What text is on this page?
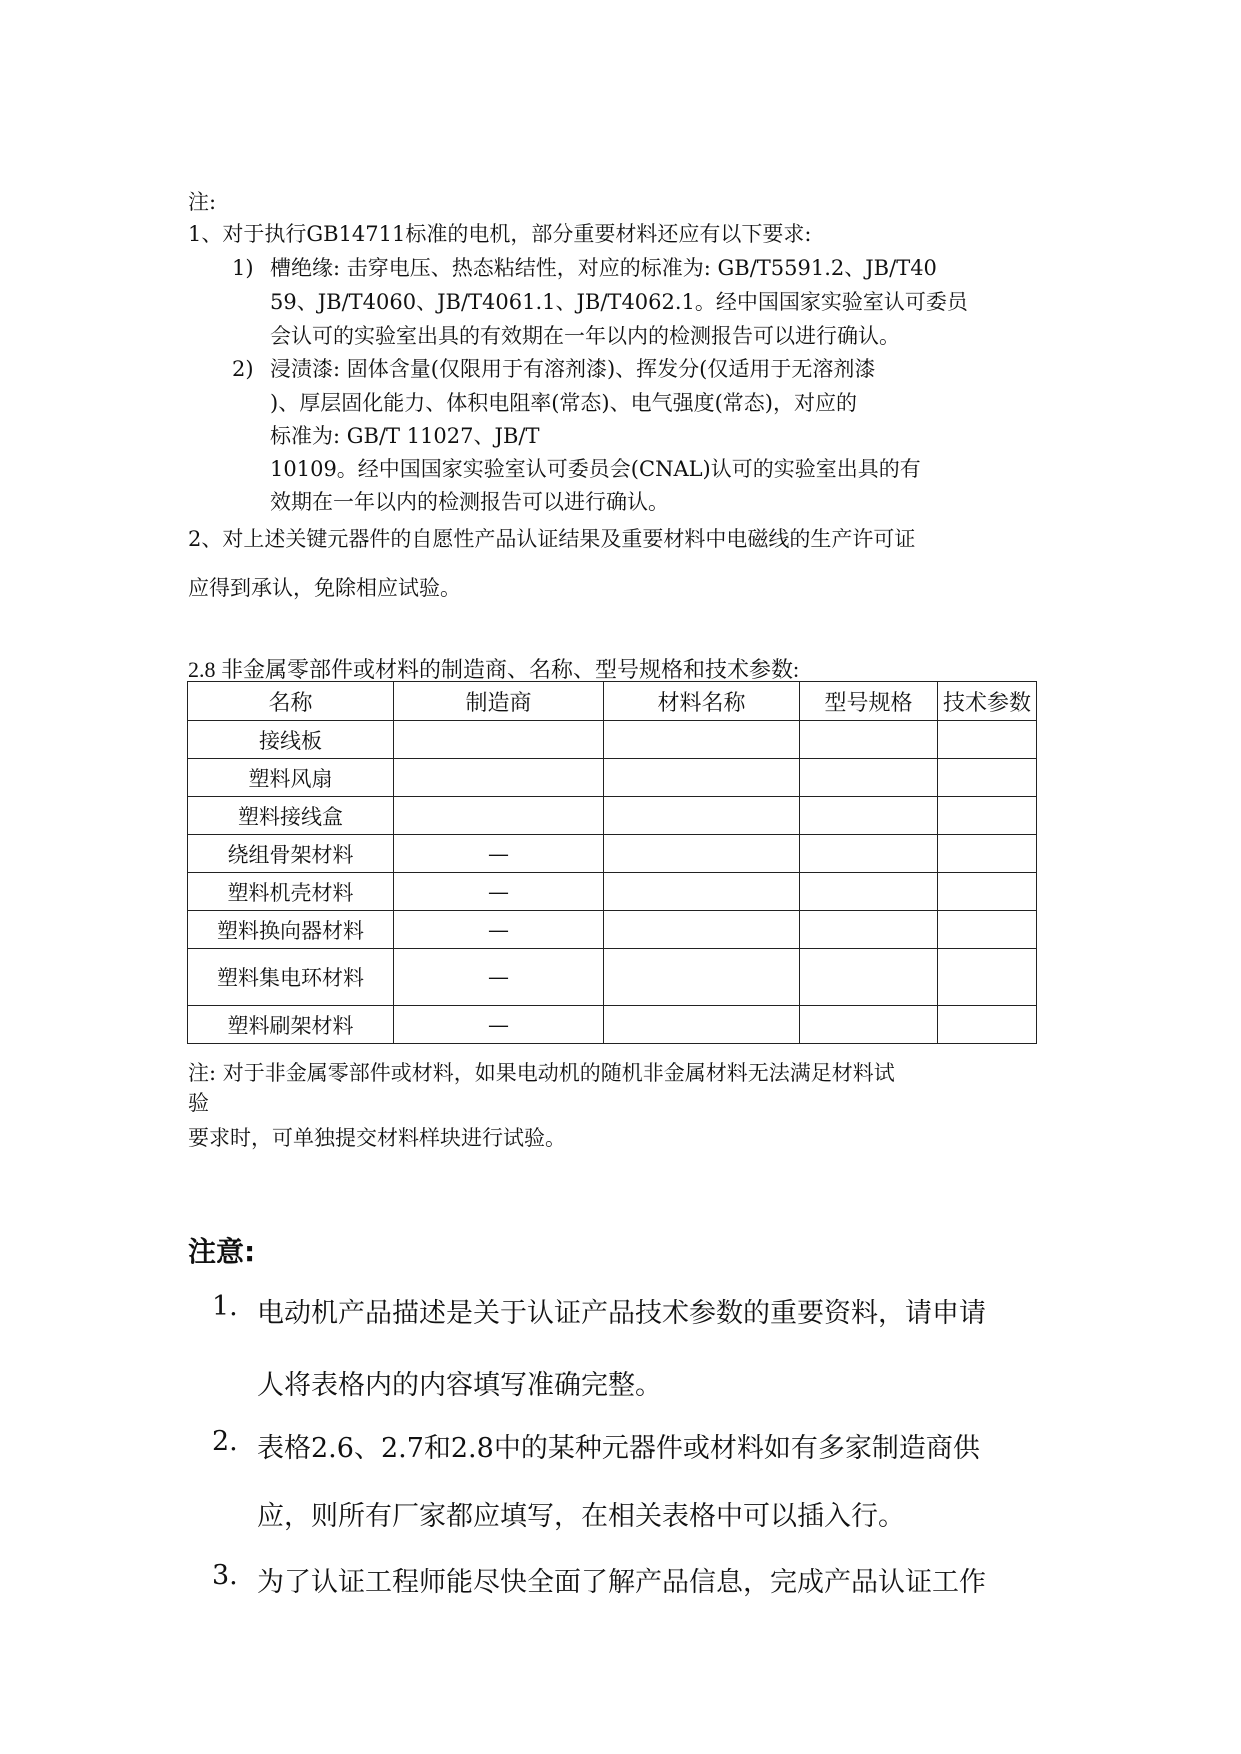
注:
1、对于执行GB14711标准的电机，部分重要材料还应有以下要求:
1) 槽绝缘: 击穿电压、热态粘结性，对应的标准为: GB/T5591.2、JB/T40
59、JB/T4060、JB/T4061.1、JB/T4062.1。经中国国家实验室认可委员
会认可的实验室出具的有效期在一年以内的检测报告可以进行确认。
2) 浸渍漆: 固体含量(仅限用于有溶剂漆)、挥发分(仅适用于无溶剂漆
)、厚层固化能力、体积电阻率(常态)、电气强度(常态)，对应的
标准为: GB/T 11027、JB/T
10109。经中国国家实验室认可委员会(CNAL)认可的实验室出具的有
效期在一年以内的检测报告可以进行确认。
2、对上述关键元器件的自愿性产品认证结果及重要材料中电磁线的生产许可证
应得到承认，免除相应试验。
2.8 非金属零部件或材料的制造商、名称、型号规格和技术参数:
名称	制造商	材料名称	型号规格	技术参数
接线板				
塑料风扇				
塑料接线盒				
绕组骨架材料	—			
塑料机壳材料	—			
塑料换向器材料	—			
塑料集电环材料	—			
塑料刷架材料	—			
注: 对于非金属零部件或材料，如果电动机的随机非金属材料无法满足材料试
验
要求时，可单独提交材料样块进行试验。
注意:
1. 电动机产品描述是关于认证产品技术参数的重要资料，请申请
人将表格内的内容填写准确完整。
2. 表格2.6、2.7和2.8中的某种元器件或材料如有多家制造商供
应，则所有厂家都应填写，在相关表格中可以插入行。
3. 为了认证工程师能尽快全面了解产品信息，完成产品认证工作
